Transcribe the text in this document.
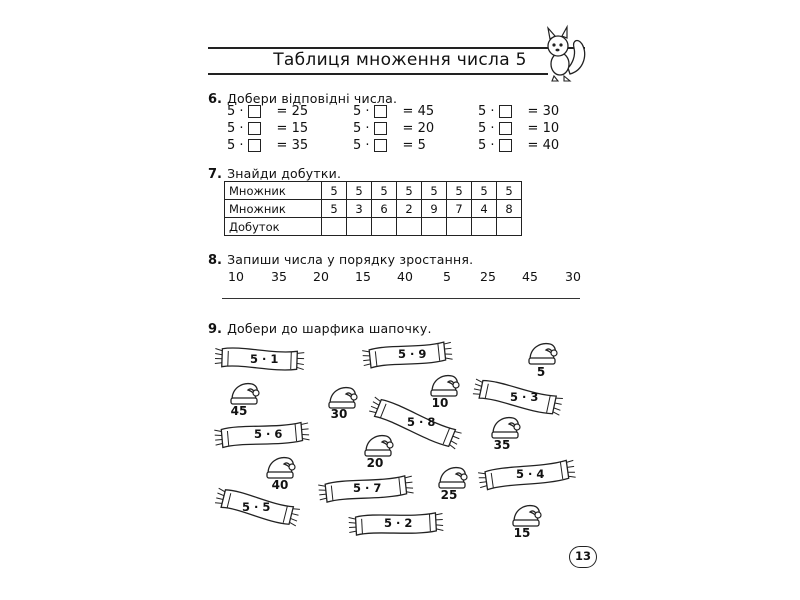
Таблиця множення числа 5
6. Добери відповідні числа.
5 ·	= 25	5 ·	= 45	5 ·	= 30
5 ·	= 15	5 ·	= 20	5 ·	= 10
5 ·	= 35	5 ·	= 5	5 ·	= 40
7. Знайди добутки.
Множник	5	5	5	5	5	5	5	5
Множник	5	3	6	2	9	7	4	8
Добуток								
8. Запиши числа у порядку зростання.
10 35 20 15 40 5 25 45 30
9. Добери до шарфика шапочку.
5 · 1	5 · 9
5 · 3
5 · 8
5 · 6
5 · 4
5 · 7
5 · 5
5 · 2
5
45	30
10
35
20
40
25
15
13
